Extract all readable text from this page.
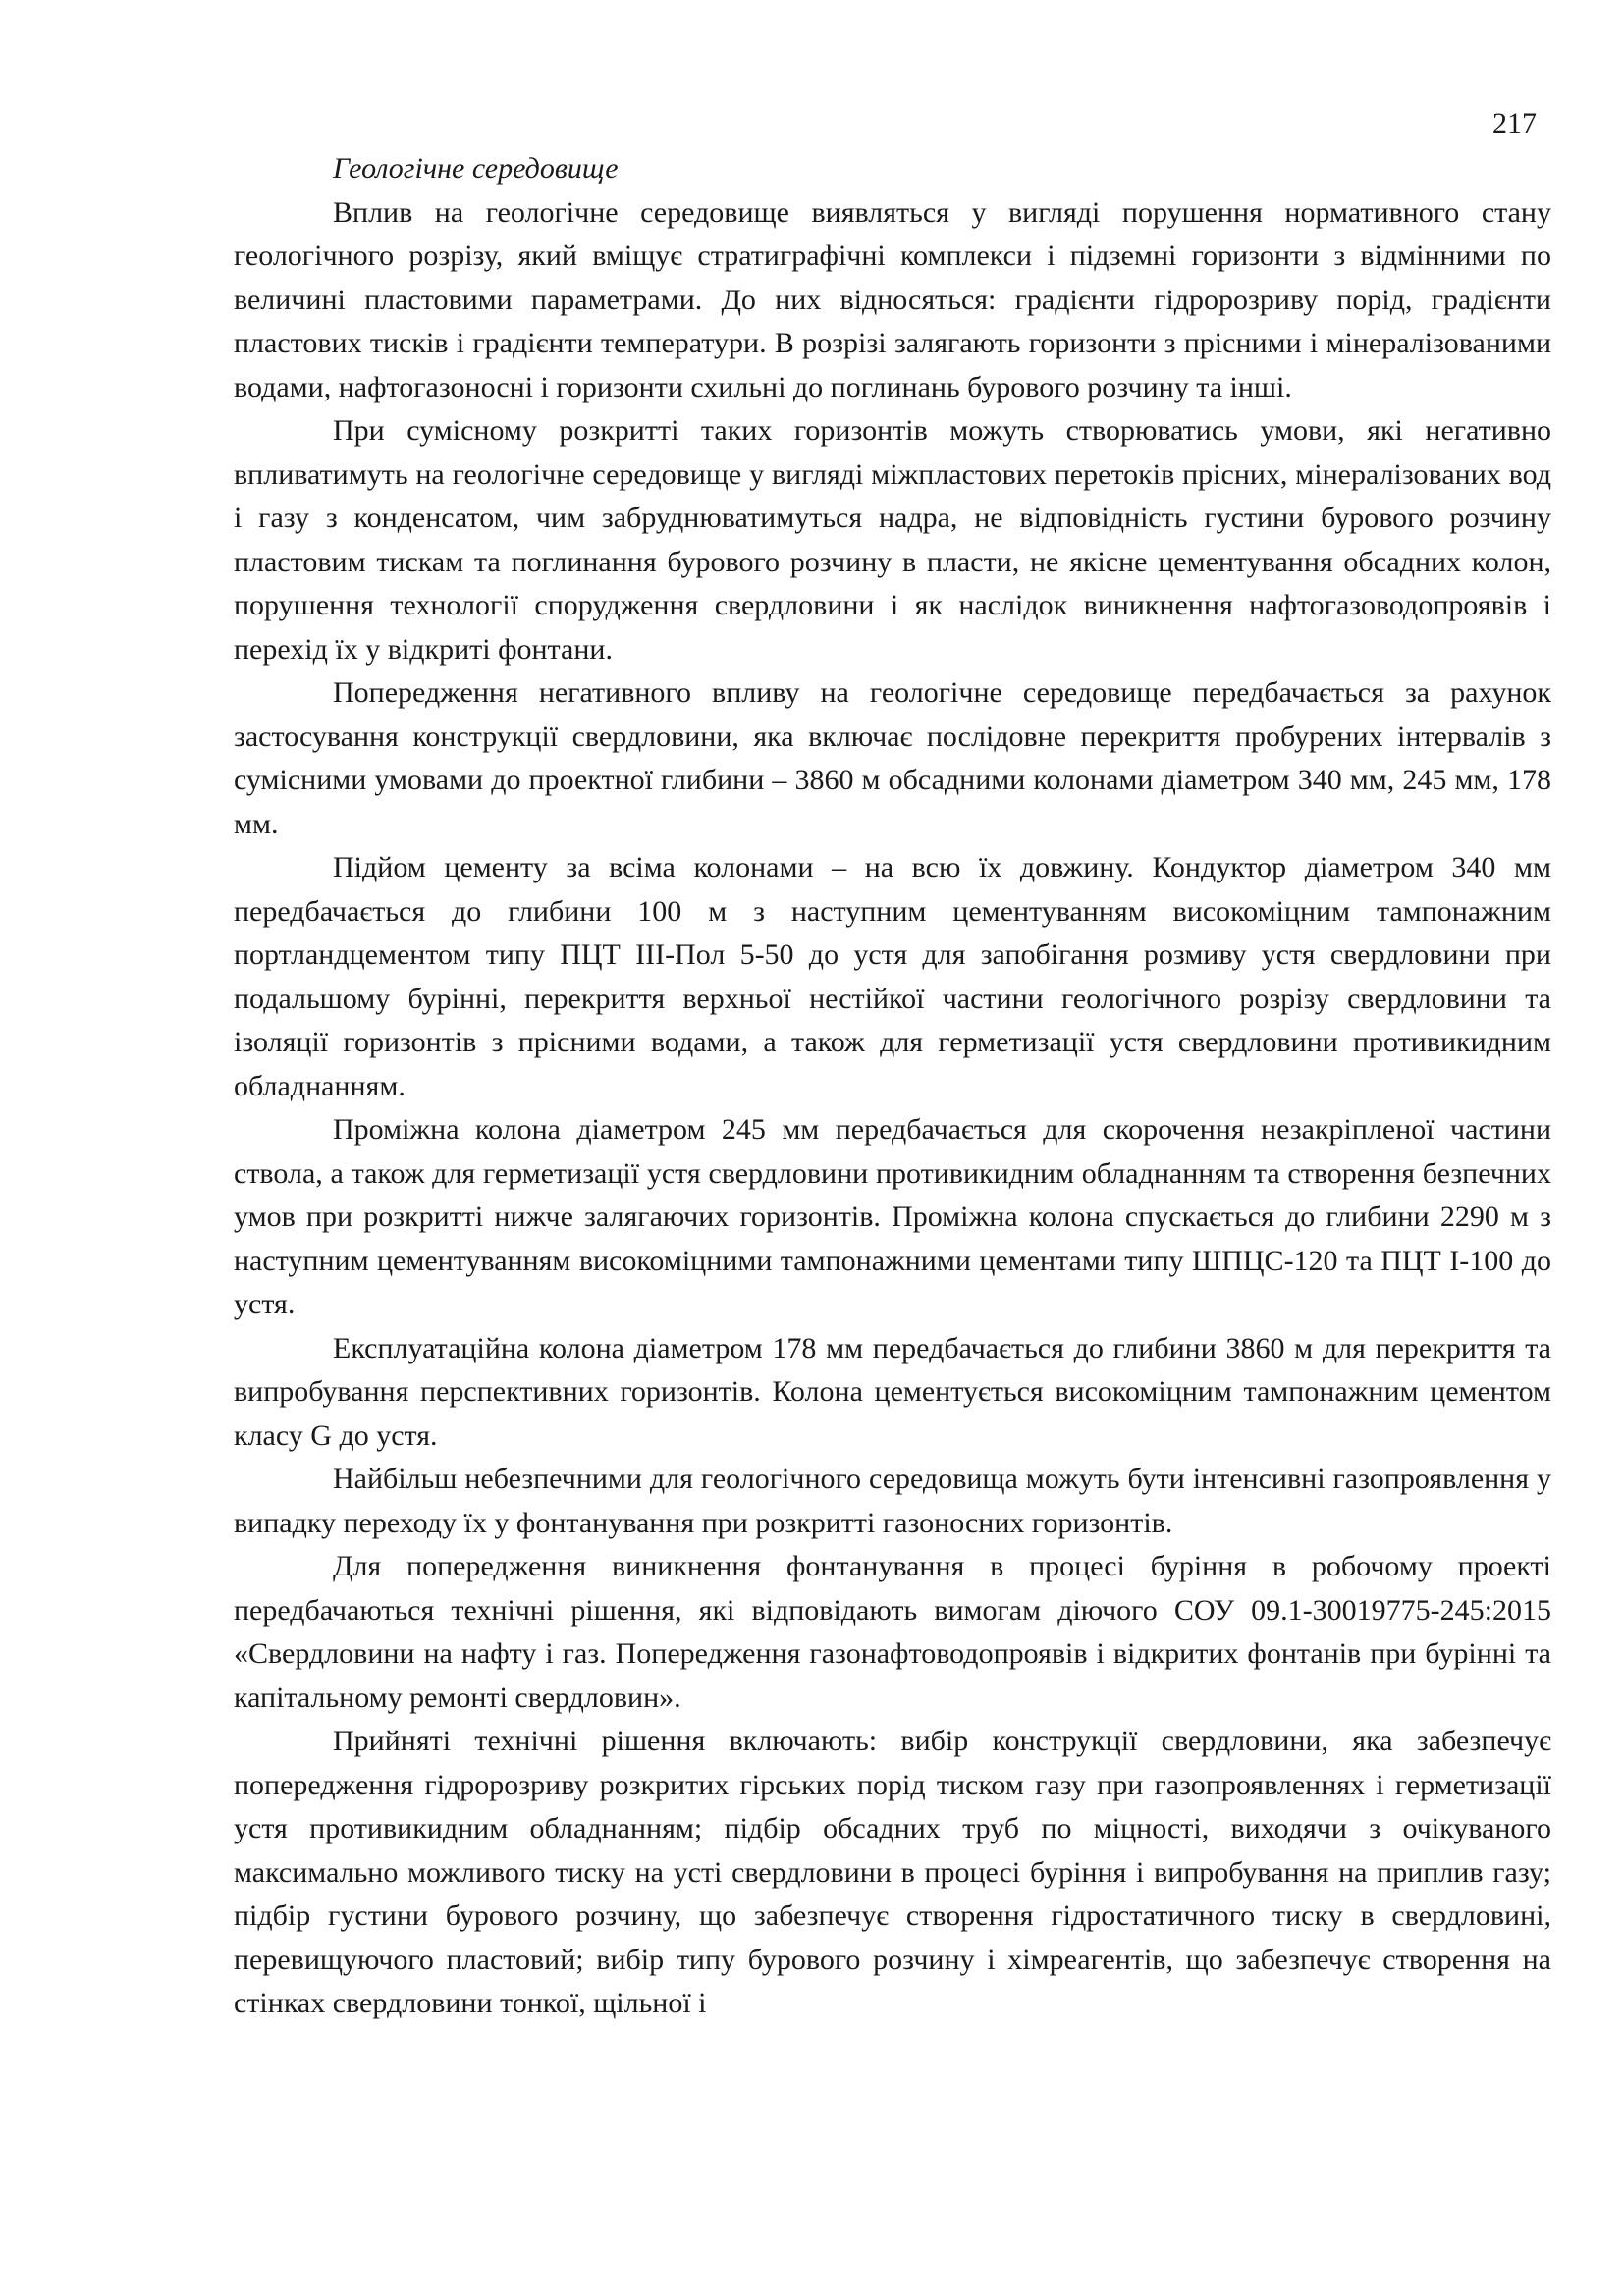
217

Геологічне середовище

Вплив на геологічне середовище виявляться у вигляді порушення нормативного стану геологічного розрізу, який вміщує стратиграфічні комплекси і підземні горизонти з відмінними по величині пластовими параметрами. До них відносяться: градієнти гідророзриву порід, градієнти пластових тисків і градієнти температури. В розрізі залягають горизонти з прісними і мінералізованими водами, нафтогазоносні і горизонти схильні до поглинань бурового розчину та інші.

При сумісному розкритті таких горизонтів можуть створюватись умови, які негативно впливатимуть на геологічне середовище у вигляді міжпластових перетоків прісних, мінералізованих вод і газу з конденсатом, чим забруднюватимуться надра, не відповідність густини бурового розчину пластовим тискам та поглинання бурового розчину в пласти, не якісне цементування обсадних колон, порушення технології спорудження свердловини і як наслідок виникнення нафтогазоводопроявів і перехід їх у відкриті фонтани.

Попередження негативного впливу на геологічне середовище передбачається за рахунок застосування конструкції свердловини, яка включає послідовне перекриття пробурених інтервалів з сумісними умовами до проектної глибини – 3860 м обсадними колонами діаметром 340 мм, 245 мм, 178 мм.

Підйом цементу за всіма колонами – на всю їх довжину. Кондуктор діаметром 340 мм передбачається до глибини 100 м з наступним цементуванням високоміцним тампонажним портландцементом типу ПЦТ ІІІ-Пол 5-50 до устя для запобігання розмиву устя свердловини при подальшому бурінні, перекриття верхньої нестійкої частини геологічного розрізу свердловини та ізоляції горизонтів з прісними водами, а також для герметизації устя свердловини противикидним обладнанням.

Проміжна колона діаметром 245 мм передбачається для скорочення незакріпленої частини ствола, а також для герметизації устя свердловини противикидним обладнанням та створення безпечних умов при розкритті нижче залягаючих горизонтів. Проміжна колона спускається до глибини 2290 м з наступним цементуванням високоміцними тампонажними цементами типу ШПЦС-120 та ПЦТ І-100 до устя.

Експлуатаційна колона діаметром 178 мм передбачається до глибини 3860 м для перекриття та випробування перспективних горизонтів. Колона цементується високоміцним тампонажним цементом класу G до устя.

Найбільш небезпечними для геологічного середовища можуть бути інтенсивні газопроявлення у випадку переходу їх у фонтанування при розкритті газоносних горизонтів.

Для попередження виникнення фонтанування в процесі буріння в робочому проекті передбачаються технічні рішення, які відповідають вимогам діючого СОУ 09.1-30019775-245:2015 «Свердловини на нафту і газ. Попередження газонафтоводопроявів і відкритих фонтанів при бурінні та капітальному ремонті свердловин».

Прийняті технічні рішення включають: вибір конструкції свердловини, яка забезпечує попередження гідророзриву розкритих гірських порід тиском газу при газопроявленнях і герметизації устя противикидним обладнанням; підбір обсадних труб по міцності, виходячи з очікуваного максимально можливого тиску на усті свердловини в процесі буріння і випробування на приплив газу; підбір густини бурового розчину, що забезпечує створення гідростатичного тиску в свердловині, перевищуючого пластовий; вибір типу бурового розчину і хімреагентів, що забезпечує створення на стінках свердловини тонкої, щільної і
